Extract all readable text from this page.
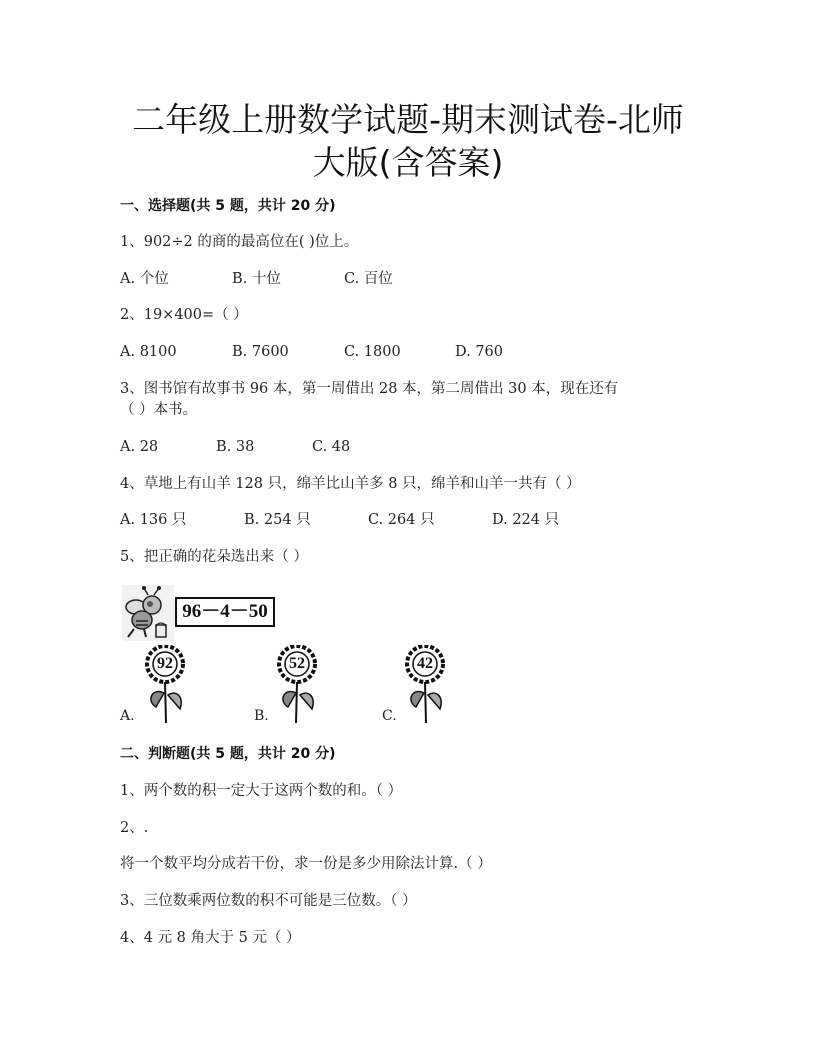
二年级上册数学试题-期末测试卷-北师
大版(含答案)
一、选择题(共 5 题，共计 20 分)
1、902÷2 的商的最高位在( )位上。
A. 个位	B. 十位	C. 百位
2、19×400=（ ）
A. 8100	B. 7600	C. 1800	D. 760
3、图书馆有故事书 96 本，第一周借出 28 本，第二周借出 30 本，现在还有
（ ）本书。
A. 28	B. 38	C. 48
4、草地上有山羊 128 只，绵羊比山羊多 8 只，绵羊和山羊一共有（ ）
A. 136 只	B. 254 只	C. 264 只	D. 224 只
5、把正确的花朵选出来（ ）
96－4－50
A.
92
B.
52
C.
42
二、判断题(共 5 题，共计 20 分)
1、两个数的积一定大于这两个数的和。（ ）
2、.
将一个数平均分成若干份，求一份是多少用除法计算.（ ）
3、三位数乘两位数的积不可能是三位数。（ ）
4、4 元 8 角大于 5 元（ ）
